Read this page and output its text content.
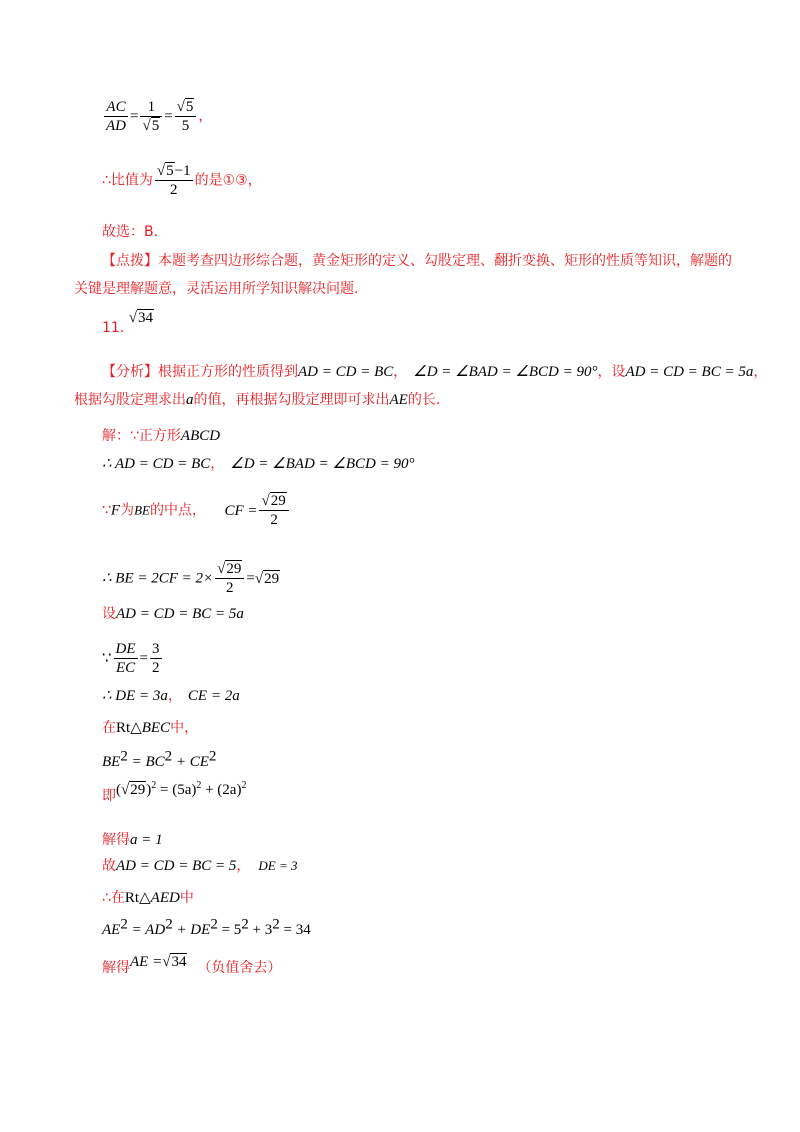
$\frac{AC}{AD} = \frac{1}{√5} = \frac{√5}{5}$ ，
∴比值为 $\frac{√5-1}{2}$ 的是①③，
故选：B.
【点拨】本题考查四边形综合题，黄金矩形的定义、勾股定理、翻折变换、矩形的性质等知识，解题的关键是理解题意，灵活运用所学知识解决问题.
11. √34
【分析】根据正方形的性质得到AD = CD = BC， ∠D = ∠BAD = ∠BCD = 90°，设AD = CD = BC = 5a，
根据勾股定理求出a的值，再根据勾股定理即可求出AE的长.
解：∵正方形ABCD
∴ AD = CD = BC， ∠D = ∠BAD = ∠BCD = 90°
∵F为BE的中点， CF = $\frac{√29}{2}$
∴ BE = $2CF = 2\times \frac{√29}{2} =√29$
设AD = CD = BC = 5a
∵ $\frac{DE}{EC} = \frac{3}{2}$
∴ DE = 3a， CE = 2a
在Rt△BEC中，
$BE^2 = BC^2 + CE^2$
即$(√29)^2 = (5a)^2 + (2a)^2$
解得a = 1
故AD = CD = BC = 5， DE = 3
∴在Rt△AED中
$AE^2 = AD^2 + DE^2 = 5^2 + 3^2 = 34$
解得AE =√34 （负值舍去）
